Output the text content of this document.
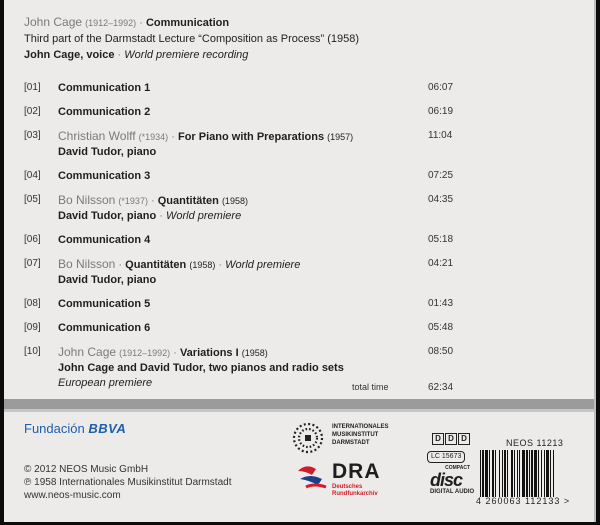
John Cage (1912–1992) · Communication
Third part of the Darmstadt Lecture “Composition as Process” (1958)
John Cage, voice · World premiere recording
[01] Communication 1	06:07
[02] Communication 2	06:19
[03] Christian Wolff (*1934) · For Piano with Preparations (1957)	11:04
David Tudor, piano
[04] Communication 3	07:25
[05] Bo Nilsson (*1937) · Quantitäten (1958)	04:35
David Tudor, piano · World premiere
[06] Communication 4	05:18
[07] Bo Nilsson · Quantitäten (1958) · World premiere	04:21
David Tudor, piano
[08] Communication 5	01:43
[09] Communication 6	05:48
[10] John Cage (1912–1992) · Variations I (1958)	08:50
John Cage and David Tudor, two pianos and radio sets
European premiere	total time	62:34
Fundación BBVA	INTERNATIONALES
MUSIKINSTITUT
DARMSTADT
DRA
Deutsches
Rundfunkarchiv
D D D
LC 15673
COMPACT
disc
DIGITAL AUDIO
NEOS 11213
4 260063 112133 >
© 2012 NEOS Music GmbH
℗ 1958 Internationales Musikinstitut Darmstadt
www.neos-music.com
